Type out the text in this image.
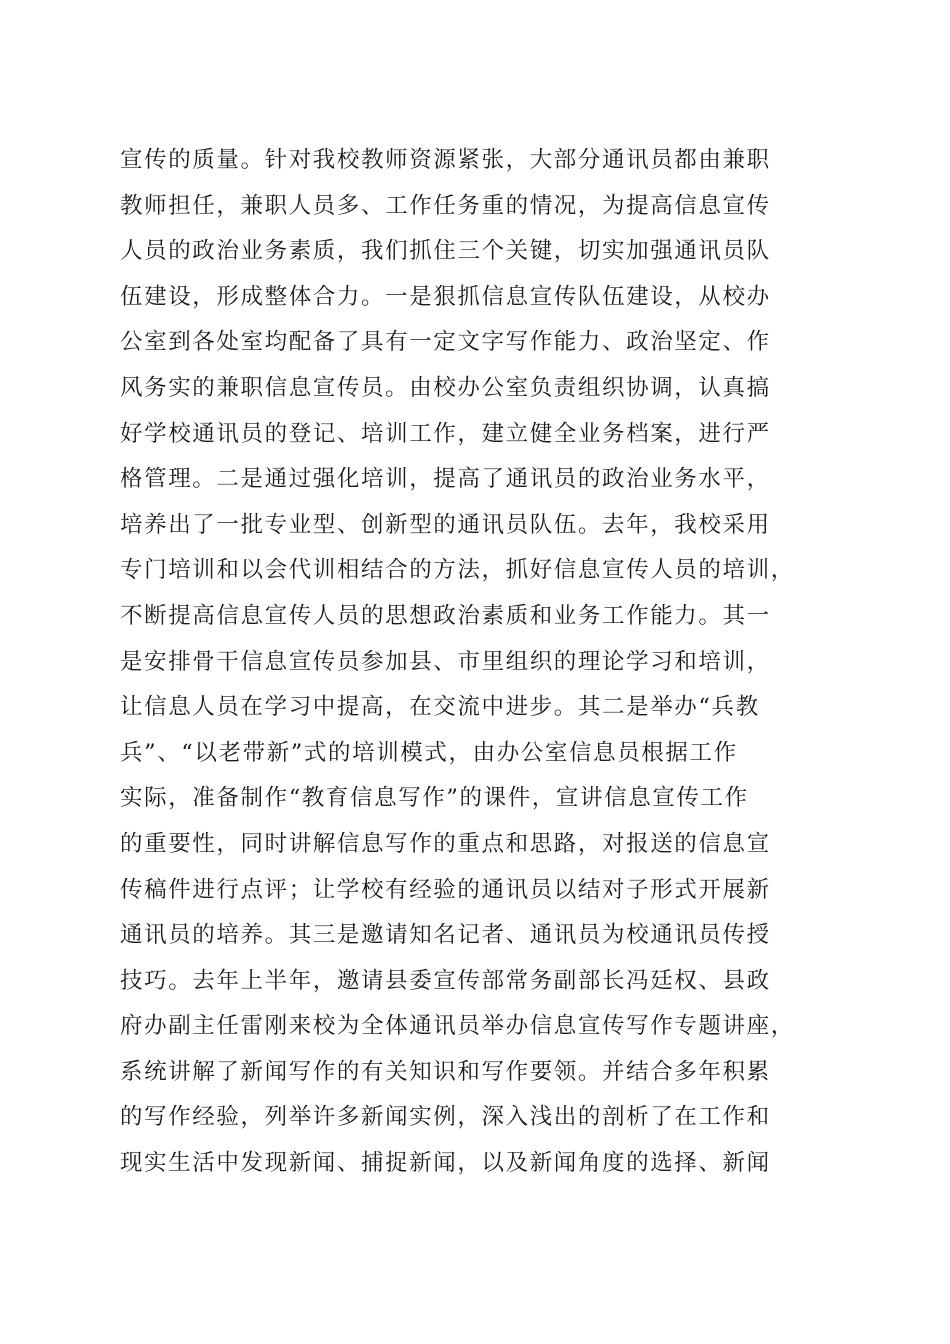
宣传的质量。针对我校教师资源紧张，大部分通讯员都由兼职
教师担任，兼职人员多、工作任务重的情况，为提高信息宣传
人员的政治业务素质，我们抓住三个关键，切实加强通讯员队
伍建设，形成整体合力。一是狠抓信息宣传队伍建设，从校办
公室到各处室均配备了具有一定文字写作能力、政治坚定、作
风务实的兼职信息宣传员。由校办公室负责组织协调，认真搞
好学校通讯员的登记、培训工作，建立健全业务档案，进行严
格管理。二是通过强化培训，提高了通讯员的政治业务水平，
培养出了一批专业型、创新型的通讯员队伍。去年，我校采用
专门培训和以会代训相结合的方法，抓好信息宣传人员的培训，
不断提高信息宣传人员的思想政治素质和业务工作能力。其一
是安排骨干信息宣传员参加县、市里组织的理论学习和培训，
让信息人员在学习中提高，在交流中进步。其二是举办“兵教
兵”、“以老带新”式的培训模式，由办公室信息员根据工作
实际，准备制作“教育信息写作”的课件，宣讲信息宣传工作
的重要性，同时讲解信息写作的重点和思路，对报送的信息宣
传稿件进行点评；让学校有经验的通讯员以结对子形式开展新
通讯员的培养。其三是邀请知名记者、通讯员为校通讯员传授
技巧。去年上半年，邀请县委宣传部常务副部长冯廷权、县政
府办副主任雷刚来校为全体通讯员举办信息宣传写作专题讲座，
系统讲解了新闻写作的有关知识和写作要领。并结合多年积累
的写作经验，列举许多新闻实例，深入浅出的剖析了在工作和
现实生活中发现新闻、捕捉新闻，以及新闻角度的选择、新闻
